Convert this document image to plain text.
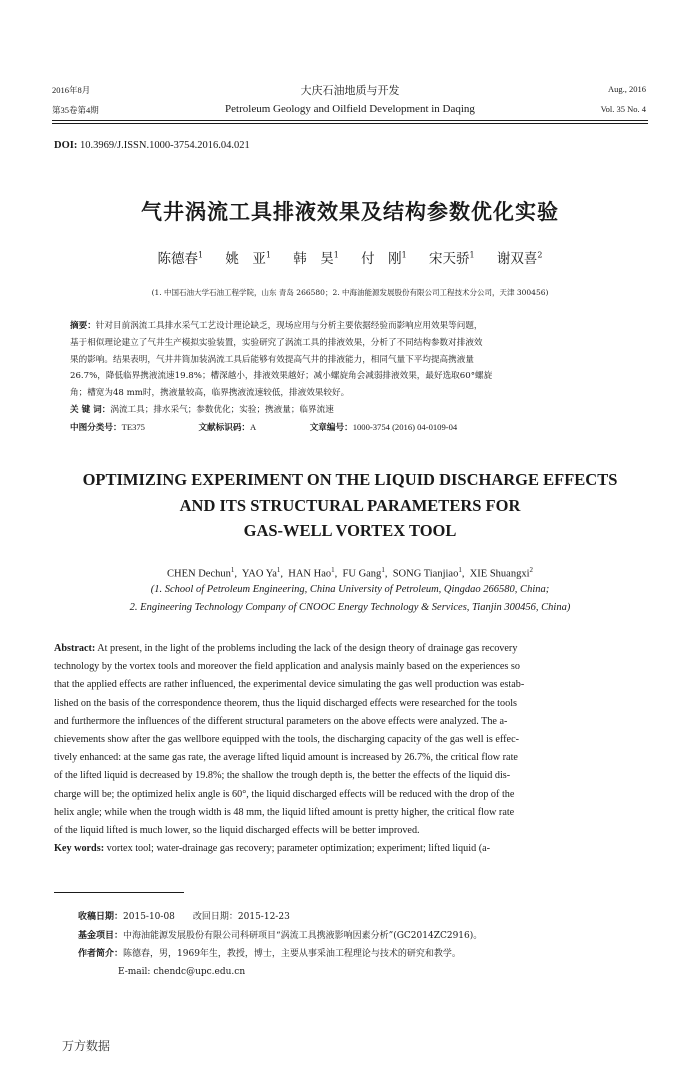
2016年8月
第35卷第4期
大庆石油地质与开发
Petroleum Geology and Oilfield Development in Daqing
Aug., 2016
Vol. 35 No. 4
DOI: 10.3969/J.ISSN.1000-3754.2016.04.021
气井涡流工具排液效果及结构参数优化实验
陈德春$^1$ 姚　亚$^1$ 韩　昊$^1$ 付　刚$^1$ 宋天骄$^1$ 谢双喜$^2$
(1. 中国石油大学石油工程学院，山东 青岛 266580；2. 中海油能源发展股份有限公司工程技术分公司，天津 300456)
摘要：针对目前涡流工具排水采气工艺设计理论缺乏，现场应用与分析主要依据经验而影响应用效果等问题，
基于相似理论建立了气井生产模拟实验装置，实验研究了涡流工具的排液效果，分析了不同结构参数对排液效
果的影响。结果表明，气井井筒加装涡流工具后能够有效提高气井的排液能力，相同气量下平均提高携液量
26.7%，降低临界携液流速19.8%；槽深越小，排液效果越好；减小螺旋角会减弱排液效果，最好选取60°螺旋
角；槽宽为48 mm时，携液量较高，临界携液流速较低，排液效果较好。
关 键 词：涡流工具；排水采气；参数优化；实验；携液量；临界流速
中图分类号：TE375	文献标识码：A	文章编号：1000-3754 (2016) 04-0109-04
OPTIMIZING EXPERIMENT ON THE LIQUID DISCHARGE EFFECTS
AND ITS STRUCTURAL PARAMETERS FOR
GAS-WELL VORTEX TOOL
CHEN Dechun$^1$,  YAO Ya$^1$,  HAN Hao$^1$,  FU Gang$^1$,  SONG Tianjiao$^1$,  XIE Shuangxi$^2$
(1. School of Petroleum Engineering, China University of Petroleum, Qingdao 266580, China;
2. Engineering Technology Company of CNOOC Energy Technology & Services, Tianjin 300456, China)
Abstract: At present, in the light of the problems including the lack of the design theory of drainage gas recovery
technology by the vortex tools and moreover the field application and analysis mainly based on the experiences so
that the applied effects are rather influenced, the experimental device simulating the gas well production was estab-
lished on the basis of the correspondence theorem, thus the liquid discharged effects were researched for the tools
and furthermore the influences of the different structural parameters on the above effects were analyzed. The a-
chievements show after the gas wellbore equipped with the tools, the discharging capacity of the gas well is effec-
tively enhanced: at the same gas rate, the average lifted liquid amount is increased by 26.7%, the critical flow rate
of the lifted liquid is decreased by 19.8%; the shallow the trough depth is, the better the effects of the liquid dis-
charge will be; the optimized helix angle is 60°, the liquid discharged effects will be reduced with the drop of the
helix angle; while when the trough width is 48 mm, the liquid lifted amount is pretty higher, the critical flow rate
of the liquid lifted is much lower, so the liquid discharged effects will be better improved.
Key words: vortex tool; water-drainage gas recovery; parameter optimization; experiment; lifted liquid (a-
收稿日期：2015-10-08　　改回日期：2015-12-23
基金项目：中海油能源发展股份有限公司科研项目“涡流工具携液影响因素分析”(GC2014ZC2916)。
作者简介：陈德春，男，1969年生，教授，博士，主要从事采油工程理论与技术的研究和教学。
E-mail: chendc@upc.edu.cn
万方数据
